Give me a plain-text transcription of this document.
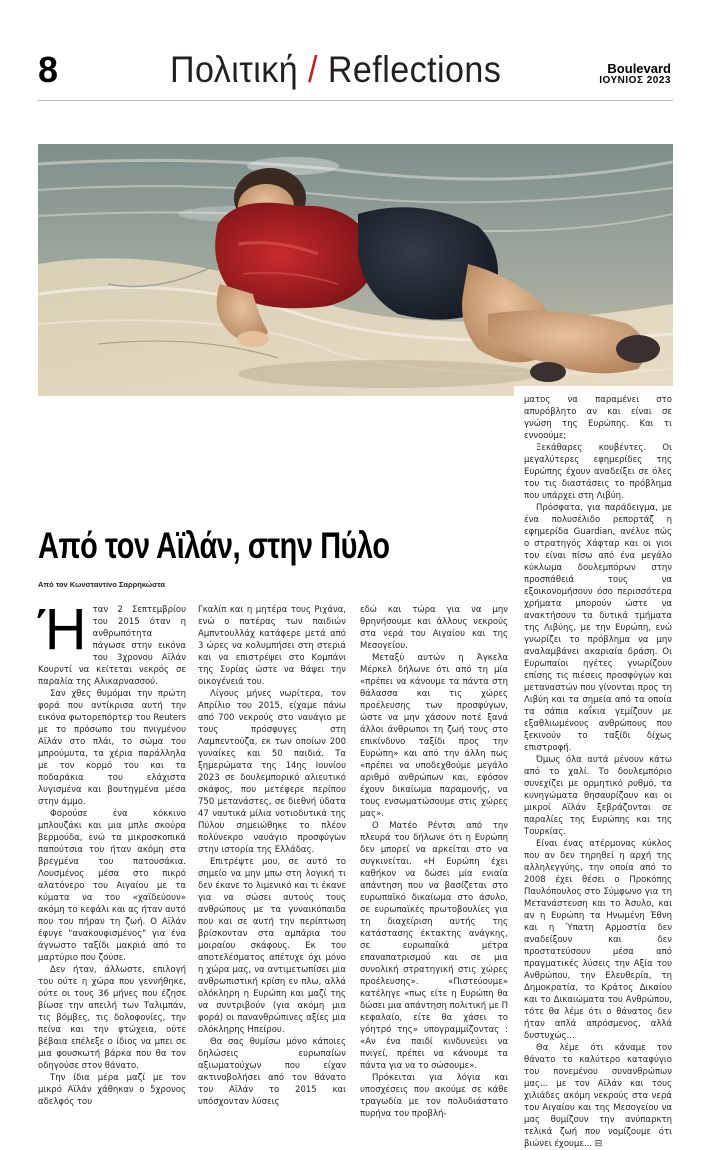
8	Πολιτική / Reflections	Boulevard
ΙΟΥΝΙΟΣ 2023
Από τον Αϊλάν, στην Πύλο
Από τον Κωνσταντίνο Σαρρηκώστα
Ή ταν 2 Σεπτεμβρίου του 2015 όταν η ανθρωπότητα πάγωσε στην εικόνα του 3χρονου Αϊλάν Κουρντί να κείτεται νεκρός σε παραλία της Αλικαρνασσού.

Σαν χθες θυμόμαι την πρώτη φορά που αντίκρισα αυτή την εικόνα φωτορεπόρτερ του Reuters με το πρόσωπο του πνιγμένου Αϊλάν στο πλάι, το σώμα του μπρούμυτα, τα χέρια παράλληλα με τον κορμό του και τα ποδαράκια του ελάχιστα λυγισμένα και βουτηγμένα μέσα στην άμμο.

Φορούσε ένα κόκκινο μπλουζάκι και μια μπλε σκούρα βερμούδα, ενώ τα μικροσκοπικά παπούτσια του ήταν ακόμη στα βρεγμένα του πατουσάκια. Λουσμένος μέσα στο πικρό αλατόνερο του Αιγαίου με τα κύματα να του «χαϊδεύουν» ακόμη το κεφάλι και ας ήταν αυτό που του πήραν τη ζωή. Ο Αϊλάν έφυγε "ανακουφισμένος" για ένα άγνωστο ταξίδι μακριά από το μαρτύριο που ζούσε.

Δεν ήταν, άλλωστε, επιλογή του ούτε η χώρα που γεννήθηκε, ούτε οι τους 36 μήνες που έζησε βίωσε την απειλή των Ταλιμπάν, τις βόμβες, τις δολοφονίες, την πείνα και την φτώχεια, ούτε βέβαια επέλεξε ο ίδιος να μπει σε μια φουσκωτή βάρκα που θα τον οδηγούσε στον θάνατο.

Την ίδια μέρα μαζί με τον μικρό Αϊλάν χάθηκαν ο 5χρονος αδελφός του

Γκαλίπ και η μητέρα τους Ριχάνα, ενώ ο πατέρας των παιδιών Αμπντουλλάχ κατάφερε μετά από 3 ώρες να κολυμπήσει στη στεριά και να επιστρέψει στο Κομπάνι της Συρίας ώστε να θάψει την οικογένειά του.

Λίγους μήνες νωρίτερα, τον Απρίλιο του 2015, είχαμε πάνω από 700 νεκρούς στο ναυάγιο με τους πρόσφυγες στη Λαμπεντούζα, εκ των οποίων 200 γυναίκες και 50 παιδιά. Τα ξημερώματα της 14ης Ιουνίου 2023 σε δουλεμπορικό αλιευτικό σκάφος, που μετέφερε περίπου 750 μετανάστες, σε διεθνή ύδατα 47 ναυτικά μίλια νοτιοδυτικά της Πύλου σημειώθηκε το πλέον πολύνεκρο ναυάγιο προσφύγων στην ιστορία της Ελλάδας.

Επιτρέψτε μου, σε αυτό το σημείο να μην μπω στη λογική τι δεν έκανε το λιμενικό και τι έκανε για να σώσει αυτούς τους ανθρώπους με τα γυναικόπαιδα που και σε αυτή την περίπτωση βρίσκονταν στα αμπάρια του μοιραίου σκάφους. Εκ του αποτελέσματος απέτυχε όχι μόνο η χώρα μας, να αντιμετωπίσει μια ανθρωπιστική κρίση εν πλω, αλλά ολόκληρη η Ευρώπη και μαζί της να συντριβούν (για ακόμη μια φορά) οι πανανθρώπινες αξίες μια ολόκληρης Ηπείρου.

Θα σας θυμίσω μόνο κάποιες δηλώσεις ευρωπαίων αξιωματούχων που είχαν ακτινοβολήσει από τον θάνατο του Αϊλάν το 2015 και υπόσχονταν λύσεις

εδώ και τώρα για να μην θρηνήσουμε και άλλους νεκρούς στα νερά του Αιγαίου και της Μεσογείου.

Μεταξύ αυτών η Άγκελα Μέρκελ δήλωνε ότι από τη μία «πρέπει να κάνουμε τα πάντα στη θάλασσα και τις χώρες προέλευσης των προσφύγων, ώστε να μην χάσουν ποτέ ξανά άλλοι άνθρωποι τη ζωή τους στο επικίνδυνο ταξίδι προς την Ευρώπη» και από την άλλη πως «πρέπει να υποδεχθούμε μεγάλο αριθμό ανθρώπων και, εφόσον έχουν δικαίωμα παραμονής, να τους ενσωματώσουμε στις χώρες μας».

Ο Ματέο Ρέντσι από την πλευρά του δήλωνε ότι η Ευρώπη δεν μπορεί να αρκείται στο να συγκινείται. «Η Ευρώπη έχει καθήκον να δώσει μία ενιαία απάντηση που να βασίζεται στο ευρωπαϊκό δικαίωμα στο άσυλο, σε ευρωπαϊκές πρωτοβουλίες για τη διαχείριση αυτής της κατάστασης έκτακτης ανάγκης, σε ευρωπαϊκά μέτρα επαναπατρισμού και σε μια συνολική στρατηγική στις χώρες προέλευσης». «Πιστεύουμε» κατέληγε «πως είτε η Ευρώπη θα δώσει μια απάντηση πολιτική με Π κεφαλαίο, είτε θα χάσει το γόητρό της» υπογραμμίζοντας : «Αν ένα παιδί κινδυνεύει να πνιγεί, πρέπει να κάνουμε τα πάντα για να το σώσουμε».

Πρόκειται για λόγια και υποσχέσεις που ακούμε σε κάθε τραγωδία με τον πολυδιάστατο πυρήνα του προβλή-

ματος να παραμένει στο απυρόβλητο αν και είναι σε γνώση της Ευρώπης. Και τι εννοούμε;

Ξεκάθαρες κουβέντες. Οι μεγαλύτερες εφημερίδες της Ευρώπης έχουν αναδείξει σε όλες του τις διαστάσεις το πρόβλημα που υπάρχει στη Λιβύη.

Πρόσφατα, για παράδειγμα, με ένα πολυσέλιδο ρεπορτάζ η εφημερίδα Guardian, ανέλυε πώς ο στρατηγός Χάφταρ και οι γιοι του είναι πίσω από ένα μεγάλο κύκλωμα δουλεμπόρων στην προσπάθειά τους να εξοικονομήσουν όσο περισσότερα χρήματα μπορούν ώστε να ανακτήσουν τα δυτικά τμήματα της Λιβύης, με την Ευρώπη, ενώ γνωρίζει το πρόβλημα να μην αναλαμβάνει ακαριαία δράση. Οι Ευρωπαίοι ηγέτες γνωρίζουν επίσης τις πιέσεις προσφύγων και μεταναστών που γίνονται προς τη Λιβύη και τα σημεία από τα οποία τα σάπια καΐκια γεμίζουν με εξαθλιωμένους ανθρώπους που ξεκινούν το ταξίδι δίχως επιστροφή.

Όμως όλα αυτά μένουν κάτω από το χαλί. Το δουλεμπόριο συνεχίζει με ορμητικό ρυθμό, τα κυνηγώματα θησαυρίζουν και οι μικροί Αϊλάν ξεβράζονται σε παραλίες της Ευρώπης και της Τουρκίας.

Είναι ένας ατέρμονας κύκλος που αν δεν τηρηθεί η αρχή της αλληλεγγύης, την οποία από το 2008 έχει θέσει ο Προκόπης Παυλόπουλος στο Σύμφωνο για τη Μετανάστευση και το Άσυλο, και αν η Ευρώπη τα Ηνωμένη Έθνη και η Ύπατη Αρμοστία δεν αναδείξουν και δεν προστατεύσουν μέσα από πραγματικές λύσεις την Αξία του Ανθρώπου, την Ελευθερία, τη Δημοκρατία, το Κράτος Δικαίου και το Δικαιώματα του Ανθρώπου, τότε θα λέμε ότι ο θάνατος δεν ήταν απλά απρόσμενος, αλλά δυστυχώς...

Θα λέμε ότι κάναμε τον θάνατο το καλύτερο καταφύγιο του πονεμένου συνανθρώπων μας... με τον Αϊλάν και τους χιλιάδες ακόμη νεκρούς στα νερά του Αιγαίου και της Μεσογείου να μας θυμίζουν την ανύπαρκτη τελικά ζωή που νομίζουμε ότι βιώνει έχουμε... ⊟
